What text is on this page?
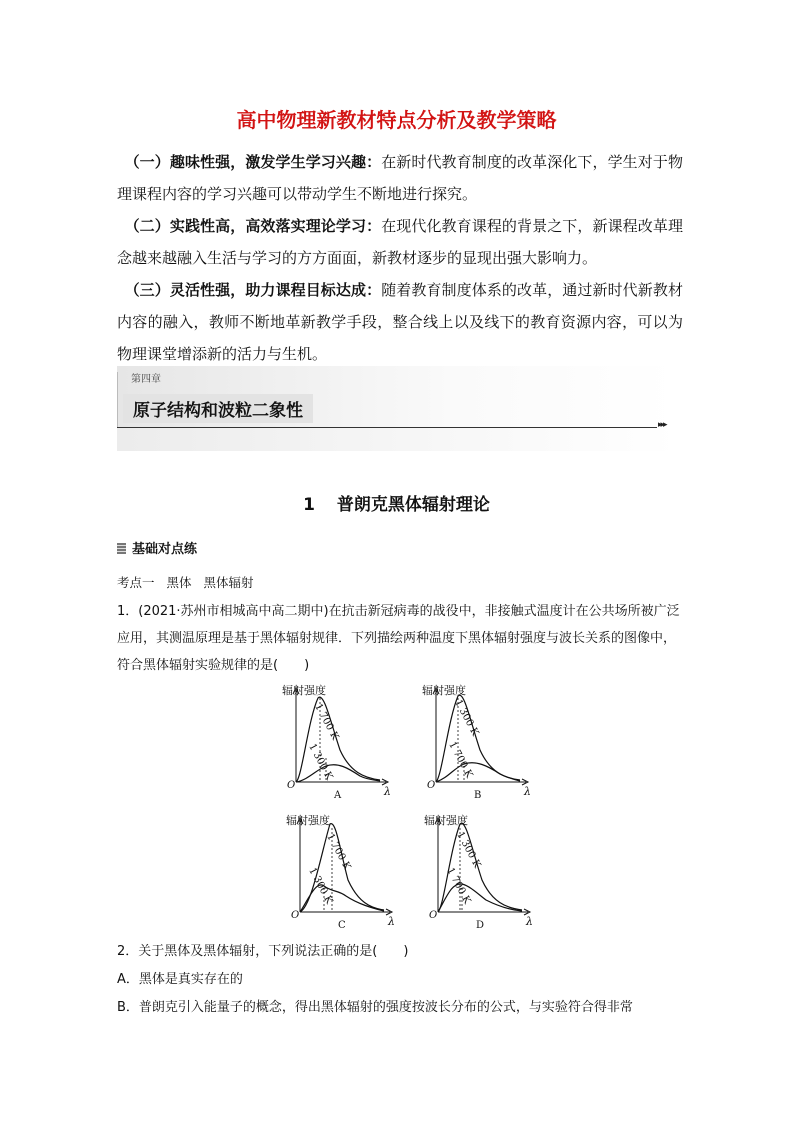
高中物理新教材特点分析及教学策略
　（一）趣味性强，激发学生学习兴趣：在新时代教育制度的改革深化下，学生对于物理课程内容的学习兴趣可以带动学生不断地进行探究。
　（二）实践性高，高效落实理论学习：在现代化教育课程的背景之下，新课程改革理念越来越融入生活与学习的方方面面，新教材逐步的显现出强大影响力。
　（三）灵活性强，助力课程目标达成：随着教育制度体系的改革，通过新时代新教材内容的融入，教师不断地革新教学手段，整合线上以及线下的教育资源内容，可以为物理课堂增添新的活力与生机。
第四章
原子结构和波粒二象性
▸▸▸
1 普朗克黑体辐射理论
基础对点练
考点一 黑体 黑体辐射
1．(2021·苏州市相城高中高二期中)在抗击新冠病毒的战役中，非接触式温度计在公共场所被广泛应用，其测温原理是基于黑体辐射规律．下列描绘两种温度下黑体辐射强度与波长关系的图像中，符合黑体辐射实验规律的是(　　)
辐射强度
O	λ
A
1 700 K
1 300 K
辐射强度
O	λ
B
1 300 K
1 700 K
辐射强度
O	λ
C
1 700 K
1 300 K
辐射强度
O	λ
D
1 300 K
1 700 K
2．关于黑体及黑体辐射，下列说法正确的是(　　)
A．黑体是真实存在的
B．普朗克引入能量子的概念，得出黑体辐射的强度按波长分布的公式，与实验符合得非常
